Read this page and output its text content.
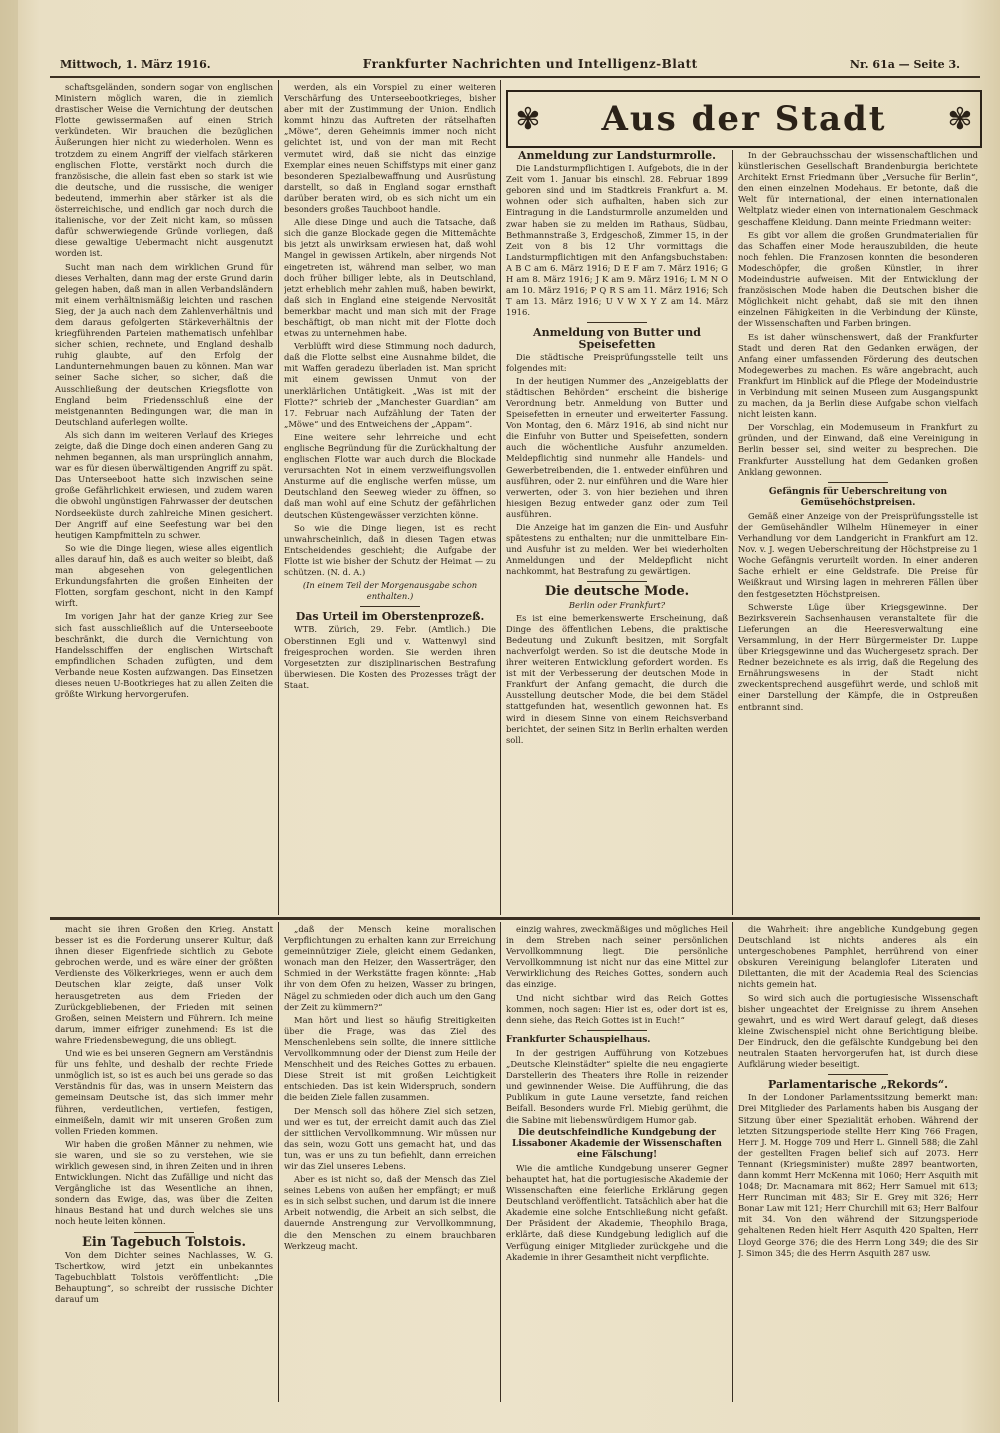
Mittwoch, 1. März 1916.	Frankfurter Nachrichten und Intelligenz-Blatt	Nr. 61a — Seite 3.
✾ Aus der Stadt ✾

schaftsgeländen, sondern sogar von englischen Ministern möglich waren, die in ziemlich drastischer Weise die Vernichtung der deutschen Flotte gewissermaßen auf einen Strich verkündeten. Wir brauchen die bezüglichen Äußerungen hier nicht zu wiederholen. Wenn es trotzdem zu einem Angriff der vielfach stärkeren englischen Flotte, verstärkt noch durch die französische, die allein fast eben so stark ist wie die deutsche, und die russische, die weniger bedeutend, immerhin aber stärker ist als die österreichische, und endlich gar noch durch die italienische, vor der Zeit nicht kam, so müssen dafür schwerwiegende Gründe vorliegen, daß diese gewaltige Uebermacht nicht ausgenutzt worden ist.

Sucht man nach dem wirklichen Grund für dieses Verhalten, dann mag der erste Grund darin gelegen haben, daß man in allen Verbandsländern mit einem verhältnismäßig leichten und raschen Sieg, der ja auch nach dem Zahlenverhältnis und dem daraus gefolgerten Stärkeverhältnis der kriegführenden Parteien mathematisch unfehlbar sicher schien, rechnete, und England deshalb ruhig glaubte, auf den Erfolg der Landunternehmungen bauen zu können. Man war seiner Sache sicher, so sicher, daß die Ausschließung der deutschen Kriegsflotte von England beim Friedensschluß eine der meistgenannten Bedingungen war, die man in Deutschland auferlegen wollte.

Als sich dann im weiteren Verlauf des Krieges zeigte, daß die Dinge doch einen anderen Gang zu nehmen begannen, als man ursprünglich annahm, war es für diesen überwältigenden Angriff zu spät. Das Unterseeboot hatte sich inzwischen seine große Gefährlichkeit erwiesen, und zudem waren die obwohl ungünstigen Fahrwasser der deutschen Nordseeküste durch zahlreiche Minen gesichert. Der Angriff auf eine Seefestung war bei den heutigen Kampfmitteln zu schwer.

So wie die Dinge liegen, wiese alles eigentlich alles darauf hin, daß es auch weiter so bleibt, daß man abgesehen von gelegentlichen Erkundungsfahrten die großen Einheiten der Flotten, sorgfam geschont, nicht in den Kampf wirft.

Im vorigen Jahr hat der ganze Krieg zur See sich fast ausschließlich auf die Unterseeboote beschränkt, die durch die Vernichtung von Handelsschiffen der englischen Wirtschaft empfindlichen Schaden zufügten, und dem Verbande neue Kosten aufzwangen. Das Einsetzen dieses neuen U-Bootkrieges hat zu allen Zeiten die größte Wirkung hervorgerufen.

werden, als ein Vorspiel zu einer weiteren Verschärfung des Unterseebootkrieges, bisher aber mit der Zustimmung der Union. Endlich kommt hinzu das Auftreten der rätselhaften „Möwe“, deren Geheimnis immer noch nicht gelichtet ist, und von der man mit Recht vermutet wird, daß sie nicht das einzige Exemplar eines neuen Schiffstyps mit einer ganz besonderen Spezialbewaffnung und Ausrüstung darstellt, so daß in England sogar ernsthaft darüber beraten wird, ob es sich nicht um ein besonders großes Tauchboot handle.

Alle diese Dinge und auch die Tatsache, daß sich die ganze Blockade gegen die Mittemächte bis jetzt als unwirksam erwiesen hat, daß wohl Mangel in gewissen Artikeln, aber nirgends Not eingetreten ist, während man selber, wo man doch früher billiger lebte, als in Deutschland, jetzt erheblich mehr zahlen muß, haben bewirkt, daß sich in England eine steigende Nervosität bemerkbar macht und man sich mit der Frage beschäftigt, ob man nicht mit der Flotte doch etwas zu unternehmen habe.

Verblüfft wird diese Stimmung noch dadurch, daß die Flotte selbst eine Ausnahme bildet, die mit Waffen geradezu überladen ist. Man spricht mit einem gewissen Unmut von der unerklärlichen Untätigkeit. „Was ist mit der Flotte?“ schrieb der „Manchester Guardian“ am 17. Februar nach Aufzählung der Taten der „Möwe“ und des Entweichens der „Appam“.

Eine weitere sehr lehrreiche und echt englische Begründung für die Zurückhaltung der englischen Flotte war auch durch die Blockade verursachten Not in einem verzweiflungsvollen Ansturme auf die englische werfen müsse, um Deutschland den Seeweg wieder zu öffnen, so daß man wohl auf eine Schutz der gefährlichen deutschen Küstengewässer verzichten könne.

So wie die Dinge liegen, ist es recht unwahrscheinlich, daß in diesen Tagen etwas Entscheidendes geschieht; die Aufgabe der Flotte ist wie bisher der Schutz der Heimat — zu schützen. (N. d. A.)

(In einem Teil der Morgenausgabe schon enthalten.)

Das Urteil im Oberstenprozeß.

WTB. Zürich, 29. Febr. (Amtlich.) Die Oberstinnen Egli und v. Wattenwyl sind freigesprochen worden. Sie werden ihren Vorgesetzten zur disziplinarischen Bestrafung überwiesen. Die Kosten des Prozesses trägt der Staat.

Anmeldung zur Landsturmrolle.

Die Landsturmpflichtigen I. Aufgebots, die in der Zeit vom 1. Januar bis einschl. 28. Februar 1899 geboren sind und im Stadtkreis Frankfurt a. M. wohnen oder sich aufhalten, haben sich zur Eintragung in die Landsturmrolle anzumelden und zwar haben sie zu melden im Rathaus, Südbau, Bethmannstraße 3, Erdgeschoß, Zimmer 15, in der Zeit von 8 bis 12 Uhr vormittags die Landsturmpflichtigen mit den Anfangsbuchstaben: A B C am 6. März 1916; D E F am 7. März 1916; G H am 8. März 1916; J K am 9. März 1916; L M N O am 10. März 1916; P Q R S am 11. März 1916; Sch T am 13. März 1916; U V W X Y Z am 14. März 1916.

Anmeldung von Butter und Speisefetten

Die städtische Preisprüfungsstelle teilt uns folgendes mit:

In der heutigen Nummer des „Anzeigeblatts der städtischen Behörden“ erscheint die bisherige Verordnung betr. Anmeldung von Butter und Speisefetten in erneuter und erweiterter Fassung. Von Montag, den 6. März 1916, ab sind nicht nur die Einfuhr von Butter und Speisefetten, sondern auch die wöchentliche Ausfuhr anzumelden. Meldepflichtig sind nunmehr alle Handels- und Gewerbetreibenden, die 1. entweder einführen und ausführen, oder 2. nur einführen und die Ware hier verwerten, oder 3. von hier beziehen und ihren hiesigen Bezug entweder ganz oder zum Teil ausführen.

Die Anzeige hat im ganzen die Ein- und Ausfuhr spätestens zu enthalten; nur die unmittelbare Ein- und Ausfuhr ist zu melden. Wer bei wiederholten Anmeldungen und der Meldepflicht nicht nachkommt, hat Bestrafung zu gewärtigen.

Die deutsche Mode.

Berlin oder Frankfurt?

Es ist eine bemerkenswerte Erscheinung, daß Dinge des öffentlichen Lebens, die praktische Bedeutung und Zukunft besitzen, mit Sorgfalt nachverfolgt werden. So ist die deutsche Mode in ihrer weiteren Entwicklung gefordert worden. Es ist mit der Verbesserung der deutschen Mode in Frankfurt der Anfang gemacht, die durch die Ausstellung deutscher Mode, die bei dem Städel stattgefunden hat, wesentlich gewonnen hat. Es wird in diesem Sinne von einem Reichsverband berichtet, der seinen Sitz in Berlin erhalten werden soll.

In der Gebrauchsschau der wissenschaftlichen und künstlerischen Gesellschaft Brandenburgia berichtete Architekt Ernst Friedmann über „Versuche für Berlin“, den einen einzelnen Modehaus. Er betonte, daß die Welt für international, der einen internationalen Weltplatz wieder einen von internationalem Geschmack geschaffene Kleidung. Dann meinte Friedmann weiter:

Es gibt vor allem die großen Grundmaterialien für das Schaffen einer Mode herauszubilden, die heute noch fehlen. Die Franzosen konnten die besonderen Modeschöpfer, die großen Künstler, in ihrer Modeindustrie aufweisen. Mit der Entwicklung der französischen Mode haben die Deutschen bisher die Möglichkeit nicht gehabt, daß sie mit den ihnen einzelnen Fähigkeiten in die Verbindung der Künste, der Wissenschaften und Farben bringen.

Es ist daher wünschenswert, daß der Frankfurter Stadt und deren Rat den Gedanken erwägen, der Anfang einer umfassenden Förderung des deutschen Modegewerbes zu machen. Es wäre angebracht, auch Frankfurt im Hinblick auf die Pflege der Modeindustrie in Verbindung mit seinen Museen zum Ausgangspunkt zu machen, da ja Berlin diese Aufgabe schon vielfach nicht leisten kann.

Der Vorschlag, ein Modemuseum in Frankfurt zu gründen, und der Einwand, daß eine Vereinigung in Berlin besser sei, sind weiter zu besprechen. Die Frankfurter Ausstellung hat dem Gedanken großen Anklang gewonnen.

Gefängnis für Ueberschreitung von Gemüsehöchstpreisen.

Gemäß einer Anzeige von der Preisprüfungsstelle ist der Gemüsehändler Wilhelm Hünemeyer in einer Verhandlung vor dem Landgericht in Frankfurt am 12. Nov. v. J. wegen Ueberschreitung der Höchstpreise zu 1 Woche Gefängnis verurteilt worden. In einer anderen Sache erhielt er eine Geldstrafe. Die Preise für Weißkraut und Wirsing lagen in mehreren Fällen über den festgesetzten Höchstpreisen.

Schwerste Lüge über Kriegsgewinne. Der Bezirksverein Sachsenhausen veranstaltete für die Lieferungen an die Heeresverwaltung eine Versammlung, in der Herr Bürgermeister Dr. Luppe über Kriegsgewinne und das Wuchergesetz sprach. Der Redner bezeichnete es als irrig, daß die Regelung des Ernährungswesens in der Stadt nicht zweckentsprechend ausgeführt werde, und schloß mit einer Darstellung der Kämpfe, die in Ostpreußen entbrannt sind.

macht sie ihren Großen den Krieg. Anstatt besser ist es die Forderung unserer Kultur, daß ihnen dieser Eigenfriede sichtlich zu Gebote gebrochen werde, und es wäre einer der größten Verdienste des Völkerkrieges, wenn er auch dem Deutschen klar zeigte, daß unser Volk herausgetreten aus dem Frieden der Zurückgebliebenen, der Frieden mit seinen Großen, seinen Meistern und Führern. Ich meine darum, immer eifriger zunehmend: Es ist die wahre Friedensbewegung, die uns obliegt.

Und wie es bei unseren Gegnern am Verständnis für uns fehlte, und deshalb der rechte Friede unmöglich ist, so ist es auch bei uns gerade so das Verständnis für das, was in unsern Meistern das gemeinsam Deutsche ist, das sich immer mehr führen, verdeutlichen, vertiefen, festigen, einmeißeln, damit wir mit unseren Großen zum vollen Frieden kommen.

Wir haben die großen Männer zu nehmen, wie sie waren, und sie so zu verstehen, wie sie wirklich gewesen sind, in ihren Zeiten und in ihren Entwicklungen. Nicht das Zufällige und nicht das Vergängliche ist das Wesentliche an ihnen, sondern das Ewige, das, was über die Zeiten hinaus Bestand hat und durch welches sie uns noch heute leiten können.

Ein Tagebuch Tolstois.

Von dem Dichter seines Nachlasses, W. G. Tschertkow, wird jetzt ein unbekanntes Tagebuchblatt Tolstois veröffentlicht: „Die Behauptung“, so schreibt der russische Dichter darauf um

„daß der Mensch keine moralischen Verpflichtungen zu erhalten kann zur Erreichung gemeinnütziger Ziele, gleicht einem Gedanken, wonach man den Heizer, den Wasserträger, den Schmied in der Werkstätte fragen könnte: „Hab ihr von dem Ofen zu heizen, Wasser zu bringen, Nägel zu schmieden oder dich auch um den Gang der Zeit zu kümmern?“

Man hört und liest so häufig Streitigkeiten über die Frage, was das Ziel des Menschenlebens sein sollte, die innere sittliche Vervollkommnung oder der Dienst zum Heile der Menschheit und des Reiches Gottes zu erbauen. Diese Streit ist mit großen Leichtigkeit entschieden. Das ist kein Widerspruch, sondern die beiden Ziele fallen zusammen.

Der Mensch soll das höhere Ziel sich setzen, und wer es tut, der erreicht damit auch das Ziel der sittlichen Vervollkommnung. Wir müssen nur das sein, wozu Gott uns gemacht hat, und das tun, was er uns zu tun befiehlt, dann erreichen wir das Ziel unseres Lebens.

Aber es ist nicht so, daß der Mensch das Ziel seines Lebens von außen her empfängt; er muß es in sich selbst suchen, und darum ist die innere Arbeit notwendig, die Arbeit an sich selbst, die dauernde Anstrengung zur Vervollkommnung, die den Menschen zu einem brauchbaren Werkzeug macht.

einzig wahres, zweckmäßiges und mögliches Heil in dem Streben nach seiner persönlichen Vervollkommnung liegt. Die persönliche Vervollkommnung ist nicht nur das eine Mittel zur Verwirklichung des Reiches Gottes, sondern auch das einzige.

Und nicht sichtbar wird das Reich Gottes kommen, noch sagen: Hier ist es, oder dort ist es, denn siehe, das Reich Gottes ist in Euch!“

Frankfurter Schauspielhaus.

In der gestrigen Aufführung von Kotzebues „Deutsche Kleinstädter“ spielte die neu engagierte Darstellerin des Theaters ihre Rolle in reizender und gewinnender Weise. Die Aufführung, die das Publikum in gute Laune versetzte, fand reichen Beifall. Besonders wurde Frl. Miebig gerühmt, die die Sabine mit liebenswürdigem Humor gab.

Die deutschfeindliche Kundgebung der Lissaboner Akademie der Wissenschaften eine Fälschung!

Wie die amtliche Kundgebung unserer Gegner behauptet hat, hat die portugiesische Akademie der Wissenschaften eine feierliche Erklärung gegen Deutschland veröffentlicht. Tatsächlich aber hat die Akademie eine solche Entschließung nicht gefaßt. Der Präsident der Akademie, Theophilo Braga, erklärte, daß diese Kundgebung lediglich auf die Verfügung einiger Mitglieder zurückgehe und die Akademie in ihrer Gesamtheit nicht verpflichte.

die Wahrheit: ihre angebliche Kundgebung gegen Deutschland ist nichts anderes als ein untergeschobenes Pamphlet, herrührend von einer obskuren Vereinigung belanglofer Literaten und Dilettanten, die mit der Academia Real des Sciencias nichts gemein hat.

So wird sich auch die portugiesische Wissenschaft bisher ungeachtet der Ereignisse zu ihrem Ansehen gewahrt, und es wird Wert darauf gelegt, daß dieses kleine Zwischenspiel nicht ohne Berichtigung bleibe. Der Eindruck, den die gefälschte Kundgebung bei den neutralen Staaten hervorgerufen hat, ist durch diese Aufklärung wieder beseitigt.

Parlamentarische „Rekords“.

In der Londoner Parlamentssitzung bemerkt man: Drei Mitglieder des Parlaments haben bis Ausgang der Sitzung über einer Spezialität erhoben. Während der letzten Sitzungsperiode stellte Herr King 766 Fragen, Herr J. M. Hogge 709 und Herr L. Ginnell 588; die Zahl der gestellten Fragen belief sich auf 2073. Herr Tennant (Kriegsminister) mußte 2897 beantworten, dann kommt Herr McKenna mit 1060; Herr Asquith mit 1048; Dr. Macnamara mit 862; Herr Samuel mit 613; Herr Runciman mit 483; Sir E. Grey mit 326; Herr Bonar Law mit 121; Herr Churchill mit 63; Herr Balfour mit 34. Von den während der Sitzungsperiode gehaltenen Reden hielt Herr Asquith 420 Spalten, Herr Lloyd George 376; die des Herrn Long 349; die des Sir J. Simon 345; die des Herrn Asquith 287 usw.
